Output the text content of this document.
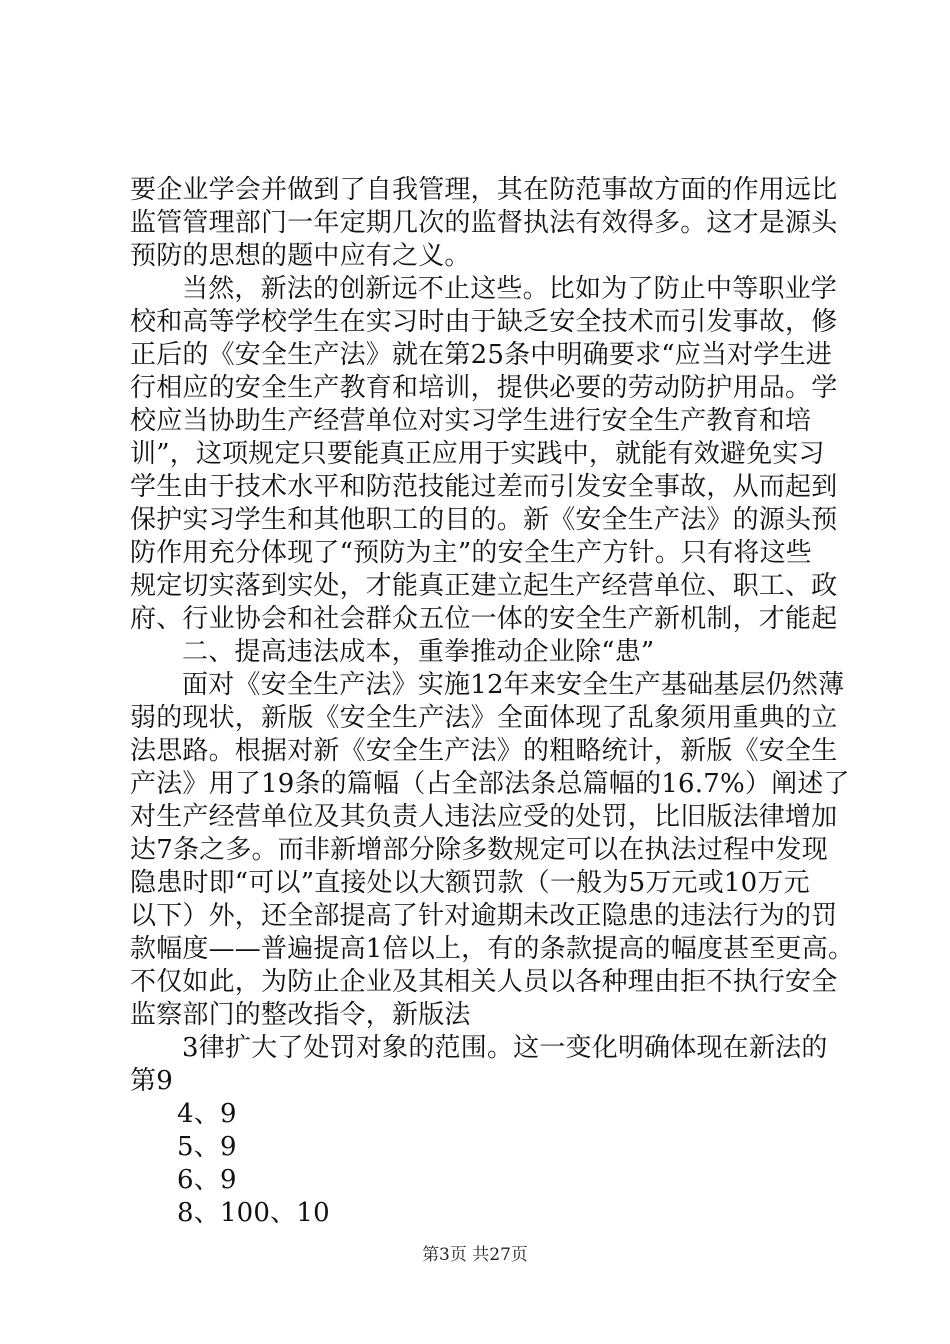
要企业学会并做到了自我管理，其在防范事故方面的作用远比
监管管理部门一年定期几次的监督执法有效得多。这才是源头
预防的思想的题中应有之义。
当然，新法的创新远不止这些。比如为了防止中等职业学
校和高等学校学生在实习时由于缺乏安全技术而引发事故，修
正后的《安全生产法》就在第25条中明确要求“应当对学生进
行相应的安全生产教育和培训，提供必要的劳动防护用品。学
校应当协助生产经营单位对实习学生进行安全生产教育和培
训”，这项规定只要能真正应用于实践中，就能有效避免实习
学生由于技术水平和防范技能过差而引发安全事故，从而起到
保护实习学生和其他职工的目的。新《安全生产法》的源头预
防作用充分体现了“预防为主”的安全生产方针。只有将这些
规定切实落到实处，才能真正建立起生产经营单位、职工、政
府、行业协会和社会群众五位一体的安全生产新机制，才能起
二、提高违法成本，重拳推动企业除“患”
面对《安全生产法》实施12年来安全生产基础基层仍然薄
弱的现状，新版《安全生产法》全面体现了乱象须用重典的立
法思路。根据对新《安全生产法》的粗略统计，新版《安全生
产法》用了19条的篇幅（占全部法条总篇幅的16.7%）阐述了
对生产经营单位及其负责人违法应受的处罚，比旧版法律增加
达7条之多。而非新增部分除多数规定可以在执法过程中发现
隐患时即“可以”直接处以大额罚款（一般为5万元或10万元
以下）外，还全部提高了针对逾期未改正隐患的违法行为的罚
款幅度——普遍提高1倍以上，有的条款提高的幅度甚至更高。
不仅如此，为防止企业及其相关人员以各种理由拒不执行安全
监察部门的整改指令，新版法
3律扩大了处罚对象的范围。这一变化明确体现在新法的
第9
4、9
5、9
6、9
8、100、10
第3页 共27页
